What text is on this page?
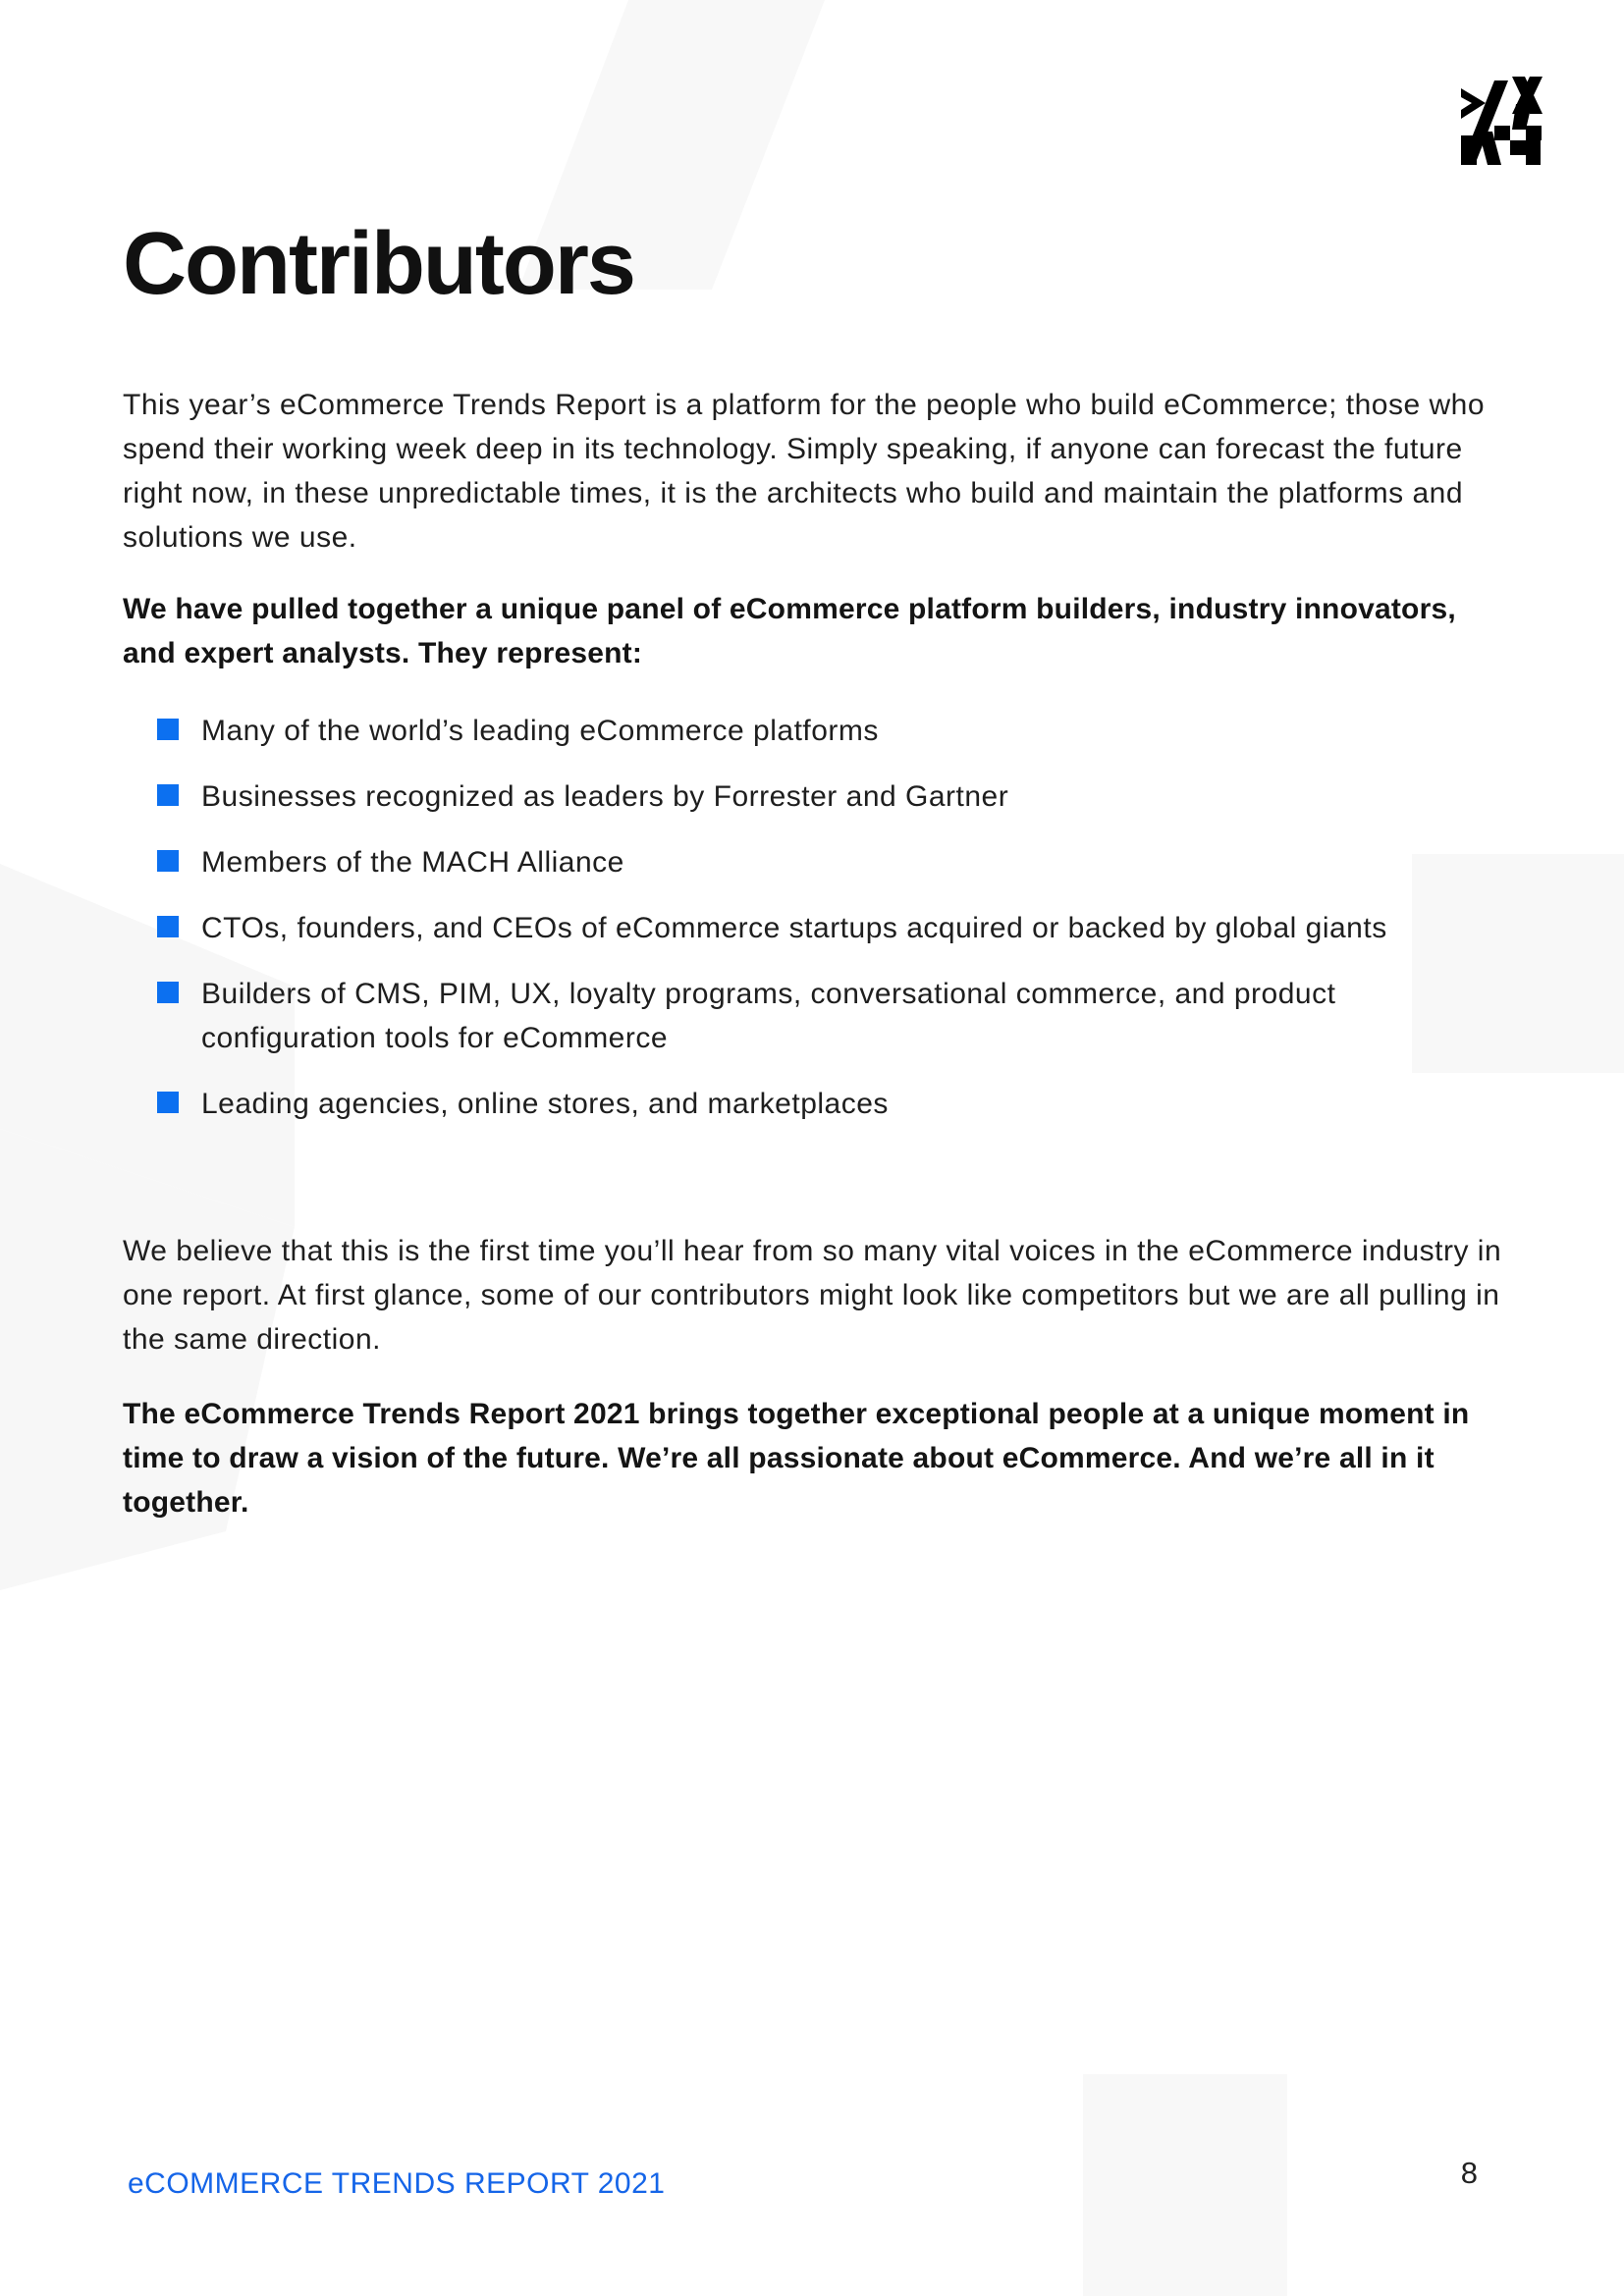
Contributors

This year’s eCommerce Trends Report is a platform for the people who build eCommerce; those who spend their working week deep in its technology. Simply speaking, if anyone can forecast the future right now, in these unpredictable times, it is the architects who build and maintain the platforms and solutions we use.

We have pulled together a unique panel of eCommerce platform builders, industry innovators, and expert analysts. They represent:

Many of the world’s leading eCommerce platforms
Businesses recognized as leaders by Forrester and Gartner
Members of the MACH Alliance
CTOs, founders, and CEOs of eCommerce startups acquired or backed by global giants
Builders of CMS, PIM, UX, loyalty programs, conversational commerce, and product configuration tools for eCommerce
Leading agencies, online stores, and marketplaces

We believe that this is the first time you’ll hear from so many vital voices in the eCommerce industry in one report. At first glance, some of our contributors might look like competitors but we are all pulling in the same direction.

The eCommerce Trends Report 2021 brings together exceptional people at a unique moment in time to draw a vision of the future. We’re all passionate about eCommerce. And we’re all in it together.

eCOMMERCE TRENDS REPORT 2021	8
